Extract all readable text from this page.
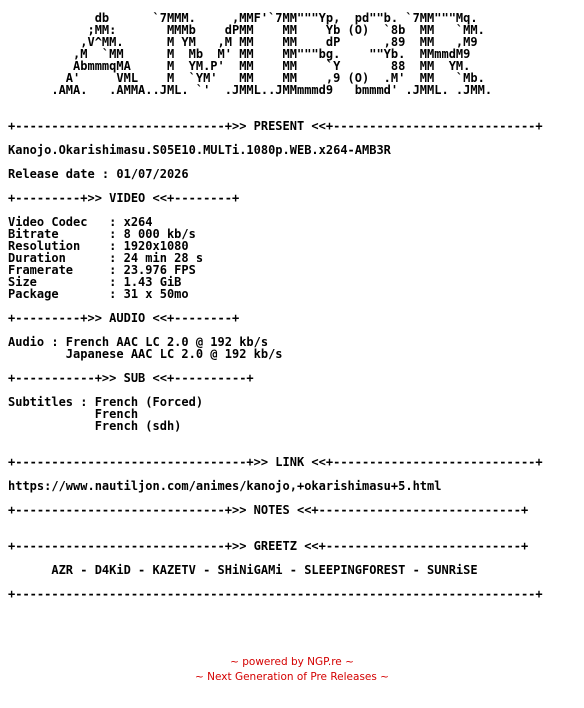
db      `7MMM.     ,MMF'`7MM"""Yp,  pd""b. `7MM"""Mq.
;MM:       MMMb    dPMM    MM    Yb (O)  `8b  MM   `MM.
,V^MM.      M YM   ,M MM    MM    dP      ,89  MM   ,M9
,M  `MM      M  Mb  M' MM    MM"""bg.    ""Yb.  MMmmdM9
AbmmmqMA     M  YM.P'  MM    MM    `Y       88  MM  YM.
A'     VML    M  `YM'   MM    MM    ,9 (O)  .M'  MM   `Mb.
.AMA.   .AMMA..JML. `'  .JMML..JMMmmmd9   bmmmd' .JMML. .JMM.

+-----------------------------+>> PRESENT <<+----------------------------+

Kanojo.Okarishimasu.S05E10.MULTi.1080p.WEB.x264-AMB3R

Release date : 01/07/2026

+---------+>> VIDEO <<+--------+

Video Codec   : x264
Bitrate       : 8 000 kb/s
Resolution    : 1920x1080
Duration      : 24 min 28 s
Framerate     : 23.976 FPS
Size          : 1.43 GiB
Package       : 31 x 50mo

+---------+>> AUDIO <<+--------+

Audio : French AAC LC 2.0 @ 192 kb/s
Japanese AAC LC 2.0 @ 192 kb/s

+-----------+>> SUB <<+----------+

Subtitles : French (Forced)
French
French (sdh)

+--------------------------------+>> LINK <<+----------------------------+

https://www.nautiljon.com/animes/kanojo,+okarishimasu+5.html

+-----------------------------+>> NOTES <<+----------------------------+

+-----------------------------+>> GREETZ <<+---------------------------+

AZR - D4KiD - KAZETV - SHiNiGAMi - SLEEPINGFOREST - SUNRiSE

+------------------------------------------------------------------------+
~ powered by NGP.re ~
~ Next Generation of Pre Releases ~
